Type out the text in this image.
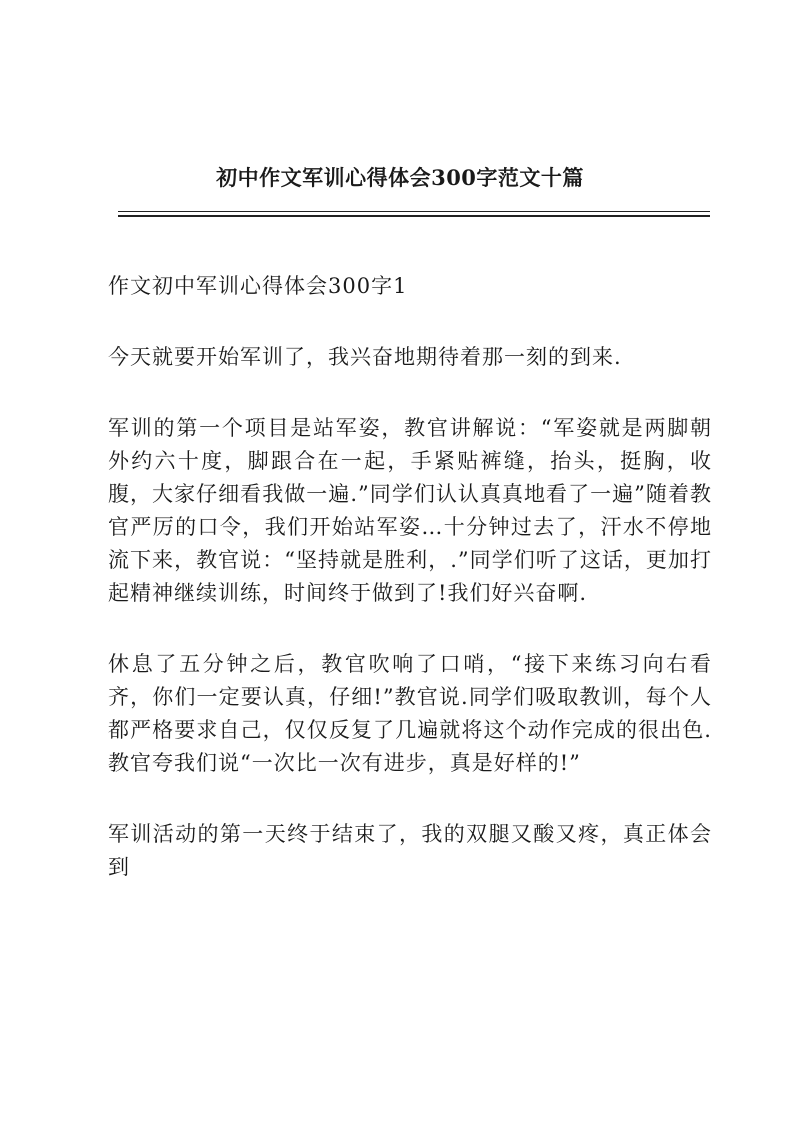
初中作文军训心得体会300字范文十篇

作文初中军训心得体会300字1

今天就要开始军训了，我兴奋地期待着那一刻的到来.

军训的第一个项目是站军姿，教官讲解说：“军姿就是两脚朝外约六十度，脚跟合在一起，手紧贴裤缝，抬头，挺胸，收腹，大家仔细看我做一遍.”同学们认认真真地看了一遍”随着教官严厉的口令，我们开始站军姿…十分钟过去了，汗水不停地流下来，教官说：“坚持就是胜利，.”同学们听了这话，更加打起精神继续训练，时间终于做到了!我们好兴奋啊.

休息了五分钟之后，教官吹响了口哨，“接下来练习向右看齐，你们一定要认真，仔细!”教官说.同学们吸取教训，每个人都严格要求自己，仅仅反复了几遍就将这个动作完成的很出色.教官夸我们说“一次比一次有进步，真是好样的!”

军训活动的第一天终于结束了，我的双腿又酸又疼，真正体会到
